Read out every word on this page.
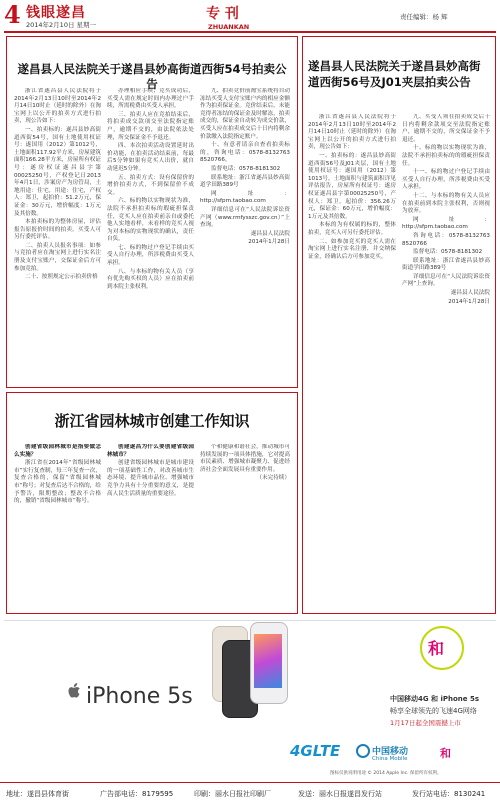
4 钱眼遂昌
2014年2月10日 星期一
专 刊
ZHUANKAN
责任编辑：杨 辉
遂昌县人民法院关于遂昌县妙高街道西街54号拍卖公告

浙江省遂昌县人民法院将于2014年2月13日10时至2014年2月14日10时止（延时的除外）在淘宝网上以公开的拍卖方式进行拍卖，现公告如下：

一、拍卖标的：遂昌县妙高街道西街54号，国有土地使用权证号：遂国用（2012）第1012号，土地面积117.92平方米，房屋建筑面积166.28平方米，房屋所有权证号：遂房权证遂昌县字第00025250号，产权登记日2013年4月1日，涉案房产为房管局，土地用途：住宅，用途：住宅，产权人：郑卫，起拍价：51.2万元，保证金：30万元，增价幅度：1万元及其倍数。

本拍卖标的为整体房屋，评估报告原报价时间的拍卖。买受人可另行委托评估。

二、拍卖人员报名事项：如参与竞拍者应在淘宝网上进行实名注册及支付宝账户，交保证金后方可参加竞拍。

二十、按照规定公示拍卖价格

办理相应手续；竞买成功后，买受人需在规定时间内办理过户手续，所需税费由买受人承担。

三、拍卖人应在竞拍结束后，将拍卖成交款项交至法院指定账户，逾期不交的，由法院依法处理，所交保证金不予退还。

四、本次拍卖活动设置延时出价功能，在拍卖活动结束前，每最后5分钟如果有竞买人出价，就自动延迟5分钟。

五、拍卖方式：设有保留价的增价拍卖方式，不到保留价不成交。

六、标的物以实物现状为准，法院不承担拍卖标的瑕疵担保责任，竞买人应在拍卖前亲自或委托他人实地看样，未看样的竞买人视为对本标的实物现状的确认，责任自负。

七、标的物过户登记手续由买受人自行办理，所涉税费由买受人承担。

八、与本标的物有关人员（享有优先购买权的人员）应在拍卖前到本院主张权利。

九、拍卖竞价前淘宝系统将自动冻结买受人支付宝账户内的相应金额作为拍卖保证金。竞价结束后，未能竞得者冻结的保证金及时解冻，拍卖成交的，保证金自动转为成交价款，买受人应在拍卖成交后十日内将剩余价款缴入法院指定账户。

十、有意者请亲自查看拍卖标的，咨询电话：0578-8132763 8520766。

监督电话：0578-8181302

联系地址：浙江省遂昌县妙高街道学田路389号

网址：http://sfpm.taobao.com

详细信息可在“人民法院诉讼资产网（www.rmfysszc.gov.cn）”上查询。

遂昌县人民法院

2014年1月28日

遂昌县人民法院关于遂昌县妙高街道西街56号及J01夹层拍卖公告

浙江省遂昌县人民法院将于2014年2月13日10时至2014年2月14日10时止（延时的除外）在淘宝网上以公开的拍卖方式进行拍卖，现公告如下：

一、拍卖标的：遂昌县妙高街道西街56号及J01夹层，国有土地使用权证号：遂国用（2012）第1013号，土地面积与建筑面积详见评估报告，房屋所有权证号：遂房权证遂昌县字第00025250号，产权人：郑卫，起拍价：356.26万元，保证金：60万元，增价幅度：1万元及其倍数。

本标的为有权属的标的，整体拍卖，竞买人可另行委托评估。

二、如参加竞买的竞买人需在淘宝网上进行实名注册，并交纳保证金，经确认后方可参加竞买。

九、买受人须在拍卖成交后十日内将剩余款项交至法院指定账户，逾期不交的，所交保证金不予退还。

十、标的物以实物现状为准，法院不承担拍卖标的的瑕疵担保责任。

十一、标的物过户登记手续由买受人自行办理，所涉税费由买受人承担。

十二、与本标的物有关人员应在拍卖前到本院主张权利，否则视为放弃。

网址：http://sfpm.taobao.com

咨询电话：0578-8132763 8520766

监督电话：0578-8181302

联系地址：浙江省遂昌县妙高街道学田路389号

详细信息可在“人民法院诉讼资产网”上查询。

遂昌县人民法院

2014年1月28日

浙江省园林城市创建工作知识

创建省级园林城市是指要做怎么实施？

浙江省在2014年“省级园林城市”实行复查制，每三年复查一次，复查合格的，保留“省级园林城市”称号；对复查后达不合格的，给予警告，限期整改；整改不合格的，撤销“省级园林城市”称号。

创建遂昌为什么要创建省级园林城市？

创建省级园林城市是城市建设的一项基础性工作，对改善城市生态环境、提升城市品位、增强城市竞争力具有十分重要的意义，是提高人民生活质量的重要途径。

个和健康和谐社会，推动城市可持续发展的一项具体措施，它对提高市民素质、增强城市凝聚力、促进经济社会全面发展具有重要作用。

（未完待续）

iPhone 5s
和
中国移动4G 和 iPhone 5s
畅享全球领先的飞速4G网络
1月17日起全国震撼上市
4GLTE	中国移动
China Mobile	和
图标仅供说明用途 © 2014 Apple Inc. 保留所有权利。
地址：遂昌县体育街	广告部电话：8179595	印刷：丽水日报社印刷厂	发送：丽水日报遂昌发行站	发行站电话：8130241
